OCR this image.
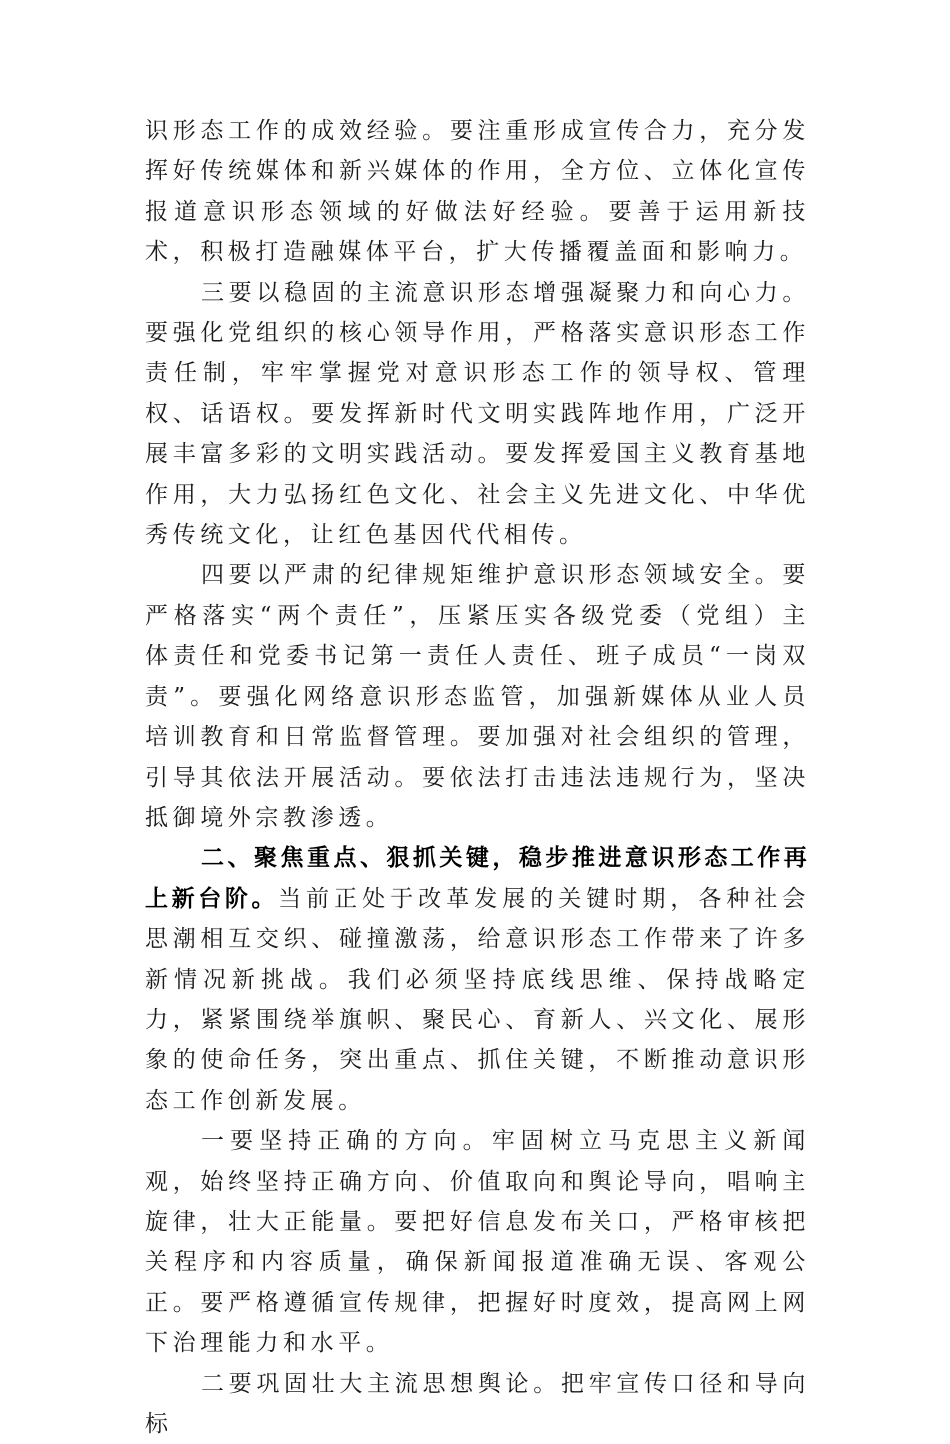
识形态工作的成效经验。要注重形成宣传合力，充分发挥好传统媒体和新兴媒体的作用，全方位、立体化宣传报道意识形态领域的好做法好经验。要善于运用新技术，积极打造融媒体平台，扩大传播覆盖面和影响力。

三要以稳固的主流意识形态增强凝聚力和向心力。要强化党组织的核心领导作用，严格落实意识形态工作责任制，牢牢掌握党对意识形态工作的领导权、管理权、话语权。要发挥新时代文明实践阵地作用，广泛开展丰富多彩的文明实践活动。要发挥爱国主义教育基地作用，大力弘扬红色文化、社会主义先进文化、中华优秀传统文化，让红色基因代代相传。

四要以严肃的纪律规矩维护意识形态领域安全。要严格落实“两个责任”，压紧压实各级党委（党组）主体责任和党委书记第一责任人责任、班子成员“一岗双责”。要强化网络意识形态监管，加强新媒体从业人员培训教育和日常监督管理。要加强对社会组织的管理，引导其依法开展活动。要依法打击违法违规行为，坚决抵御境外宗教渗透。

二、聚焦重点、狠抓关键，稳步推进意识形态工作再上新台阶。当前正处于改革发展的关键时期，各种社会思潮相互交织、碰撞激荡，给意识形态工作带来了许多新情况新挑战。我们必须坚持底线思维、保持战略定力，紧紧围绕举旗帜、聚民心、育新人、兴文化、展形象的使命任务，突出重点、抓住关键，不断推动意识形态工作创新发展。

一要坚持正确的方向。牢固树立马克思主义新闻观，始终坚持正确方向、价值取向和舆论导向，唱响主旋律，壮大正能量。要把好信息发布关口，严格审核把关程序和内容质量，确保新闻报道准确无误、客观公正。要严格遵循宣传规律，把握好时度效，提高网上网下治理能力和水平。

二要巩固壮大主流思想舆论。把牢宣传口径和导向标
